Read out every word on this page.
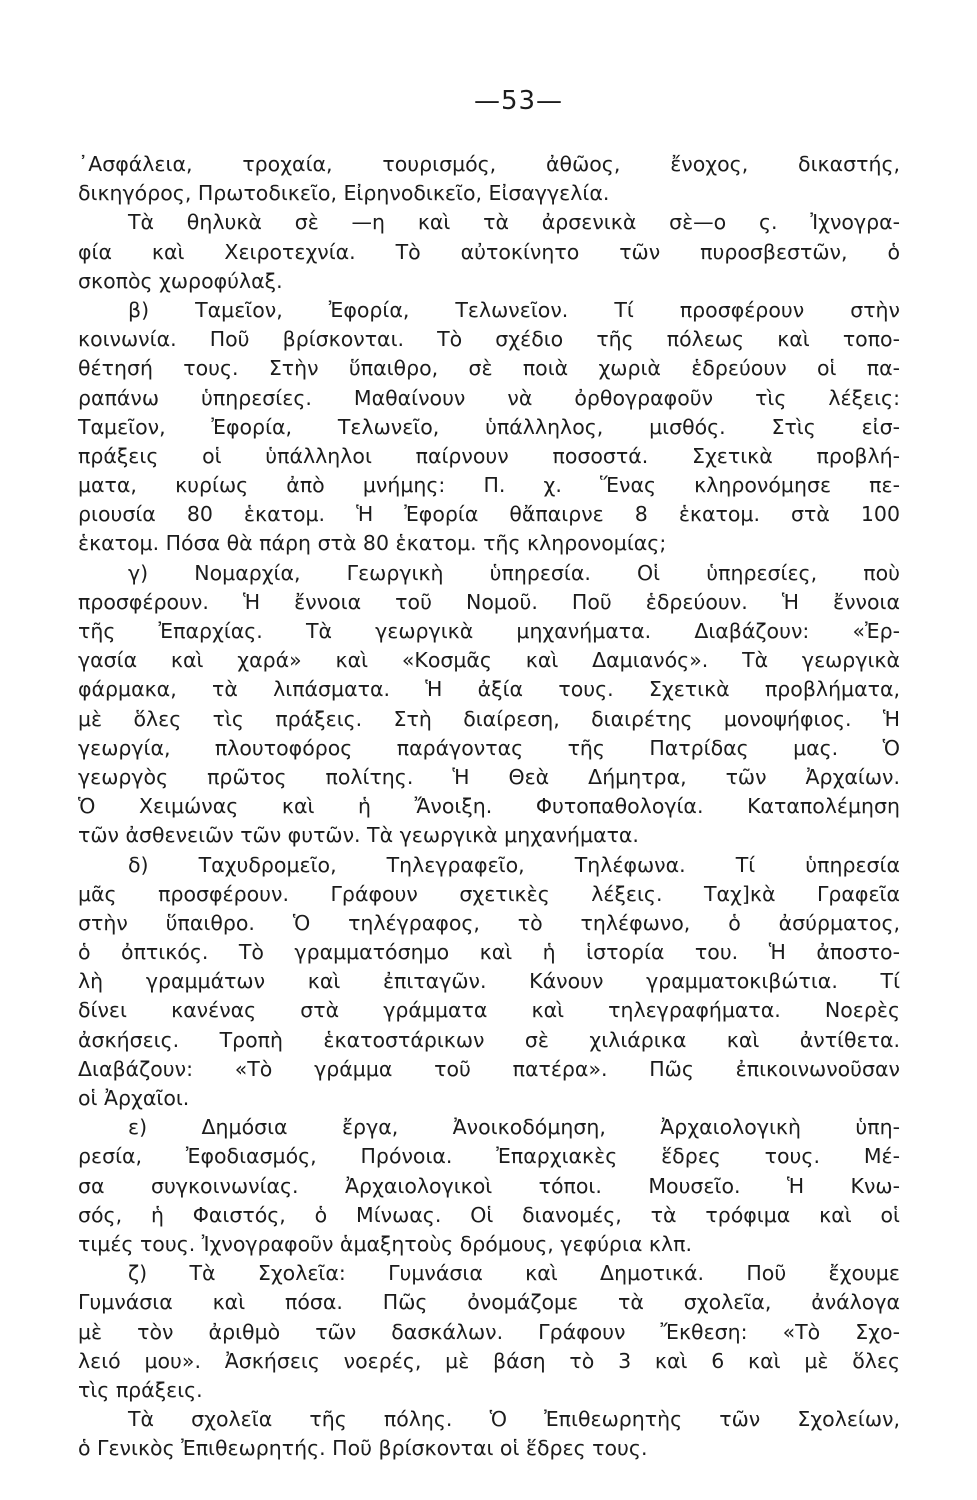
—53—
᾿Ασφάλεια, τροχαία, τουρισμός, ἀθῶος, ἔνοχος, δικαστής,
δικηγόρος, Πρωτοδικεῖο, Εἰρηνοδικεῖο, Εἰσαγγελία.
Τὰ θηλυκὰ σὲ —η καὶ τὰ ἀρσενικὰ σὲ—ο ς. Ἰχνογρα-
φία καὶ Χειροτεχνία. Τὸ αὐτοκίνητο τῶν πυροσβεστῶν, ὁ
σκοπὸς χωροφύλαξ.
β) Ταμεῖον, Ἐφορία, Τελωνεῖον. Τί προσφέρουν στὴν
κοινωνία. Ποῦ βρίσκονται. Τὸ σχέδιο τῆς πόλεως καὶ τοπο-
θέτησή τους. Στὴν ὕπαιθρο, σὲ ποιὰ χωριὰ ἑδρεύουν οἱ πα-
ραπάνω ὑπηρεσίες. Μαθαίνουν νὰ ὀρθογραφοῦν τὶς λέξεις:
Ταμεῖον, Ἐφορία, Τελωνεῖο, ὑπάλληλος, μισθός. Στὶς εἰσ-
πράξεις οἱ ὑπάλληλοι παίρνουν ποσοστά. Σχετικὰ προβλή-
ματα, κυρίως ἀπὸ μνήμης: Π. χ. Ἕνας κληρονόμησε πε-
ριουσία 80 ἑκατομ. Ἡ Ἐφορία θἄπαιρνε 8 ἑκατομ. στὰ 100
ἑκατομ. Πόσα θὰ πάρη στὰ 80 ἑκατομ. τῆς κληρονομίας;
γ) Νομαρχία, Γεωργικὴ ὑπηρεσία. Οἱ ὑπηρεσίες, ποὺ
προσφέρουν. Ἡ ἔννοια τοῦ Νομοῦ. Ποῦ ἑδρεύουν. Ἡ ἔννοια
τῆς Ἐπαρχίας. Τὰ γεωργικὰ μηχανήματα. Διαβάζουν: «Ἐρ-
γασία καὶ χαρά» καὶ «Κοσμᾶς καὶ Δαμιανός». Τὰ γεωργικὰ
φάρμακα, τὰ λιπάσματα. Ἡ ἀξία τους. Σχετικὰ προβλήματα,
μὲ ὅλες τὶς πράξεις. Στὴ διαίρεση, διαιρέτης μονοψήφιος. Ἡ
γεωργία, πλουτοφόρος παράγοντας τῆς Πατρίδας μας. Ὁ
γεωργὸς πρῶτος πολίτης. Ἡ Θεὰ Δήμητρα, τῶν Ἀρχαίων.
Ὁ Χειμώνας καὶ ἡ Ἄνοιξη. Φυτοπαθολογία. Καταπολέμηση
τῶν ἀσθενειῶν τῶν φυτῶν. Τὰ γεωργικὰ μηχανήματα.
δ) Ταχυδρομεῖο, Τηλεγραφεῖο, Τηλέφωνα. Τί ὑπηρεσία
μᾶς προσφέρουν. Γράφουν σχετικὲς λέξεις. Ταχ]κὰ Γραφεῖα
στὴν ὕπαιθρο. Ὁ τηλέγραφος, τὸ τηλέφωνο, ὁ ἀσύρματος,
ὁ ὀπτικός. Τὸ γραμματόσημο καὶ ἡ ἱστορία του. Ἡ ἀποστο-
λὴ γραμμάτων καὶ ἐπιταγῶν. Κάνουν γραμματοκιβώτια. Τί
δίνει κανένας στὰ γράμματα καὶ τηλεγραφήματα. Νοερὲς
ἀσκήσεις. Τροπὴ ἑκατοστάρικων σὲ χιλιάρικα καὶ ἀντίθετα.
Διαβάζουν: «Τὸ γράμμα τοῦ πατέρα». Πῶς ἐπικοινωνοῦσαν
οἱ Ἀρχαῖοι.
ε) Δημόσια ἔργα, Ἀνοικοδόμηση, Ἀρχαιολογικὴ ὑπη-
ρεσία, Ἐφοδιασμός, Πρόνοια. Ἐπαρχιακὲς ἕδρες τους. Μέ-
σα συγκοινωνίας. Ἀρχαιολογικοὶ τόποι. Μουσεῖο. Ἡ Κνω-
σός, ἡ Φαιστός, ὁ Μίνωας. Οἱ διανομές, τὰ τρόφιμα καὶ οἱ
τιμές τους. Ἰχνογραφοῦν ἁμαξητοὺς δρόμους, γεφύρια κλπ.
ζ) Τὰ Σχολεῖα: Γυμνάσια καὶ Δημοτικά. Ποῦ ἔχουμε
Γυμνάσια καὶ πόσα. Πῶς ὀνομάζομε τὰ σχολεῖα, ἀνάλογα
μὲ τὸν ἀριθμὸ τῶν δασκάλων. Γράφουν Ἔκθεση: «Τὸ Σχο-
λειό μου». Ἀσκήσεις νοερές, μὲ βάση τὸ 3 καὶ 6 καὶ μὲ ὅλες
τὶς πράξεις.
Τὰ σχολεῖα τῆς πόλης. Ὁ Ἐπιθεωρητὴς τῶν Σχολείων,
ὁ Γενικὸς Ἐπιθεωρητής. Ποῦ βρίσκονται οἱ ἕδρες τους.
